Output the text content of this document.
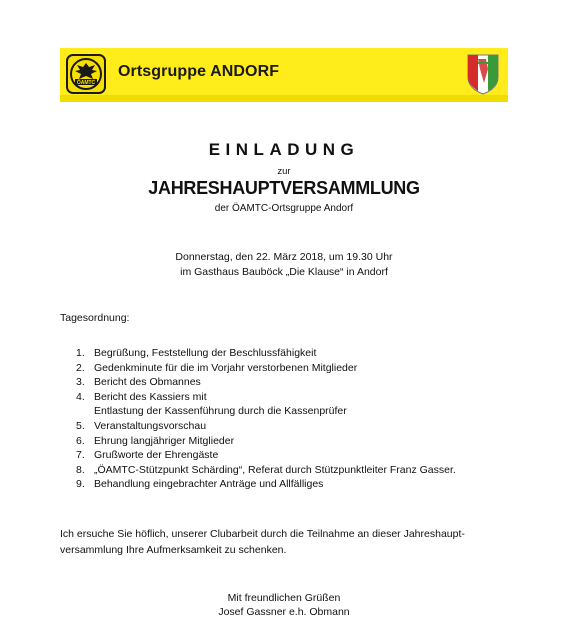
ÖAMTC
Ortsgruppe ANDORF
EINLADUNG
zur
JAHRESHAUPTVERSAMMLUNG
der ÖAMTC-Ortsgruppe Andorf
Donnerstag, den 22. März 2018, um 19.30 Uhr
im Gasthaus Bauböck „Die Klause“ in Andorf
Tagesordnung:
1. Begrüßung, Feststellung der Beschlussfähigkeit
2. Gedenkminute für die im Vorjahr verstorbenen Mitglieder
3. Bericht des Obmannes
4. Bericht des Kassiers mit
Entlastung der Kassenführung durch die Kassenprüfer
5. Veranstaltungsvorschau
6. Ehrung langjähriger Mitglieder
7. Grußworte der Ehrengäste
8. „ÖAMTC-Stützpunkt Schärding“, Referat durch Stützpunktleiter Franz Gasser.
9. Behandlung eingebrachter Anträge und Allfälliges
Ich ersuche Sie höflich, unserer Clubarbeit durch die Teilnahme an dieser Jahreshaupt-
versammlung Ihre Aufmerksamkeit zu schenken.
Mit freundlichen Grüßen
Josef Gassner e.h. Obmann
